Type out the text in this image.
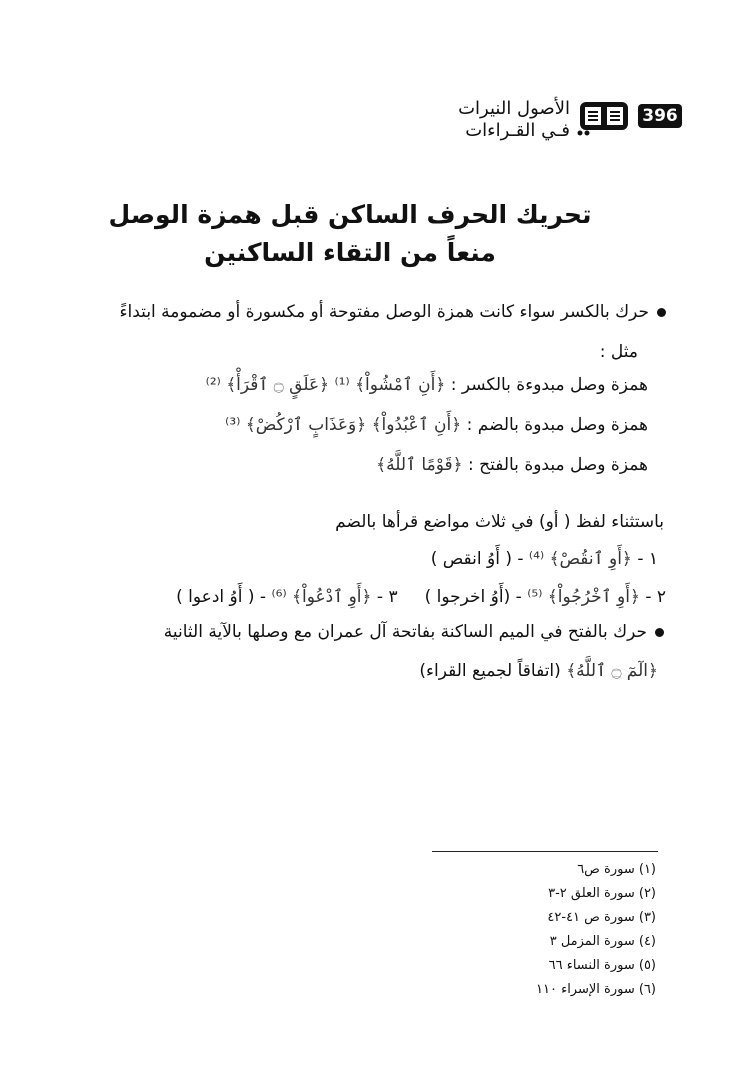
396
الأصول النيرات
فـي القـراءات
تحريك الحرف الساكن قبل همزة الوصل
منعاً من التقاء الساكنين
حرك بالكسر سواء كانت همزة الوصل مفتوحة أو مكسورة أو مضمومة ابتداءً
مثل :
همزة وصل مبدوءة بالكسر : ﴿أَنِ ٱمْشُواْ﴾ ⁽¹⁾ ﴿عَلَقٍ ۝ ٱقْرَأْ﴾ ⁽²⁾
همزة وصل مبدوة بالضم : ﴿أَنِ ٱعْبُدُواْ﴾ ﴿وَعَذَابٍ ٱرْكُضْ﴾ ⁽³⁾
همزة وصل مبدوة بالفتح : ﴿قَوْمًا ٱللَّهُ﴾
باستثناء لفظ ( أو) في ثلاث مواضع قرأها بالضم
١ - ﴿أَوِ ٱنقُصْ﴾ ⁽⁴⁾ - ( أَوُ انقص )
٢ - ﴿أَوِ ٱخْرُجُواْ﴾ ⁽⁵⁾ - (أَوُ اخرجوا )     ٣ - ﴿أَوِ ٱدْعُواْ﴾ ⁽⁶⁾ - ( أَوُ ادعوا )
حرك بالفتح في الميم الساكنة بفاتحة آل عمران مع وصلها بالآية الثانية
﴿الٓمٓ ۝ ٱللَّهُ﴾ (اتفاقاً لجميع القراء)
(١) سورة ص٦
(٢) سورة العلق ٢-٣
(٣) سورة ص ٤١-٤٢
(٤) سورة المزمل ٣
(٥) سورة النساء ٦٦
(٦) سورة الإسراء ١١٠
